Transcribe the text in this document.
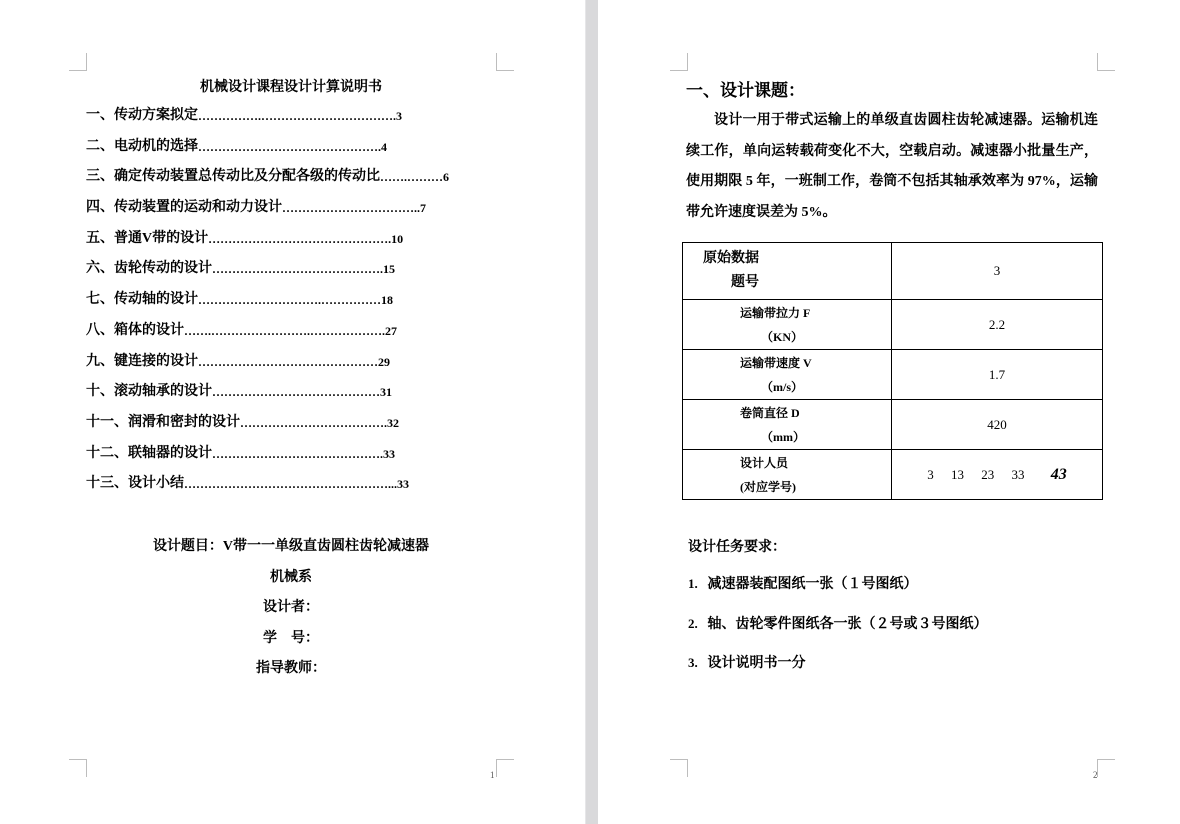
机械设计课程设计计算说明书
一、传动方案拟定 …………….……………………………. 3
二、电动机的选择 ………………………………………. 4
三、确定传动装置总传动比及分配各级的传动比 …….……… 6
四、传动装置的运动和动力设计 …………………………….. 7
五、普通V带的设计 ………………………………………. 10
六、齿轮传动的设计 ……………………………………. 15
七、传动轴的设计 ………………………….…………… 18
八、箱体的设计 …….…………………….………………. 27
九、键连接的设计 ……………………………………… 29
十、滚动轴承的设计 …………………………………… 31
十一、润滑和密封的设计 ………………………………. 32
十二、联轴器的设计 ……………………………………. 33
十三、设计小结 ……………………………………………... 33
设计题目：V带一一单级直齿圆柱齿轮减速器
机械系
设计者：
学　号：
指导教师：
1
一、设计课题：
设计一用于带式运输上的单级直齿圆柱齿轮减速器。运输机连续工作，单向运转载荷变化不大，空载启动。减速器小批量生产，使用期限 5 年，一班制工作，卷筒不包括其轴承效率为 97%，运输带允许速度误差为 5%。
原始数据
题号	3

运输带拉力 F
（KN）	2.2

运输带速度 V
（m/s）	1.7

卷筒直径 D
（mm）	420

设计人员
(对应学号)	3 13 23 33 43
设计任务要求：
1. 减速器装配图纸一张（１号图纸）
2. 轴、齿轮零件图纸各一张（２号或３号图纸）
3. 设计说明书一分
2
